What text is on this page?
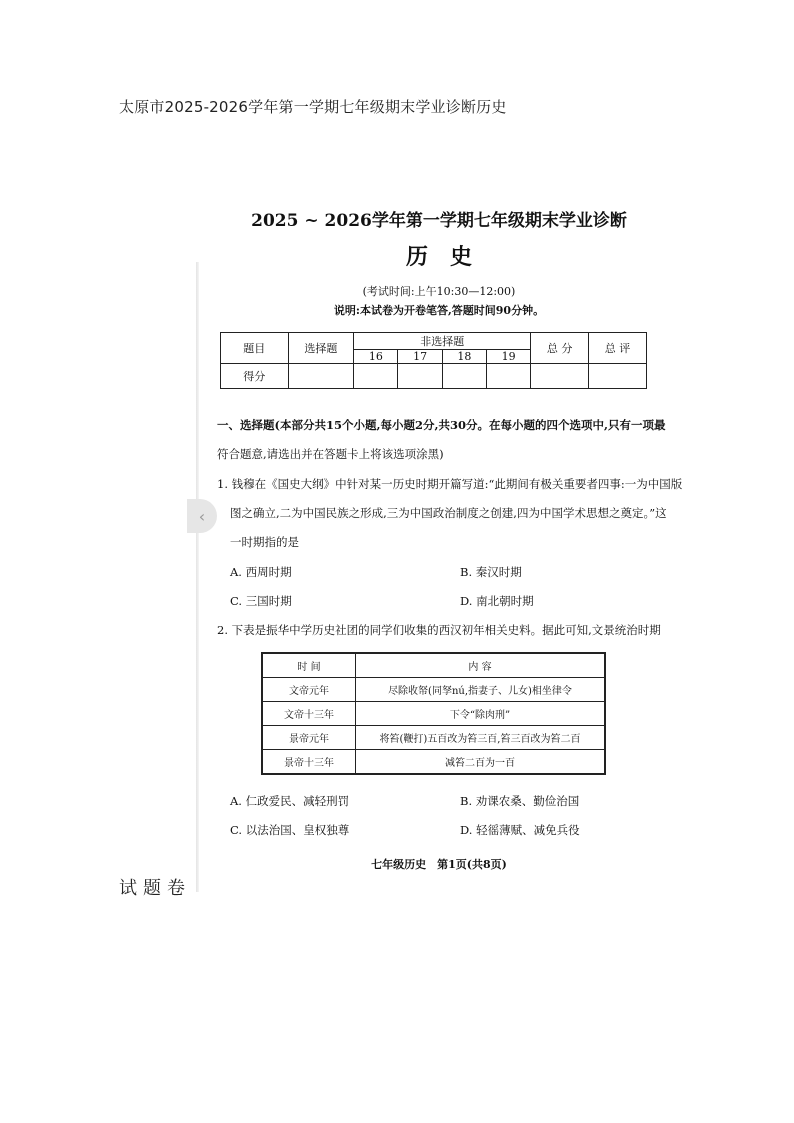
太原市2025-2026学年第一学期七年级期末学业诊断历史
2025 ~ 2026学年第一学期七年级期末学业诊断
历史
(考试时间:上午10:30—12:00)
说明:本试卷为开卷笔答,答题时间90分钟。
题目	选择题	非选择题				总 分	总 评
		16	17	18	19		
得分							
一、选择题(本部分共15个小题,每小题2分,共30分。在每小题的四个选项中,只有一项最
符合题意,请选出并在答题卡上将该选项涂黑)
1. 钱穆在《国史大纲》中针对某一历史时期开篇写道:“此期间有极关重要者四事:一为中国版
图之确立,二为中国民族之形成,三为中国政治制度之创建,四为中国学术思想之奠定。”这
一时期指的是
A. 西周时期	B. 秦汉时期
C. 三国时期	D. 南北朝时期
2. 下表是振华中学历史社团的同学们收集的西汉初年相关史料。据此可知,文景统治时期
时 间	内 容
文帝元年	尽除收帑(同孥nú,指妻子、儿女)相坐律令
文帝十三年	下令“除肉刑”
景帝元年	将笞(鞭打)五百改为笞三百,笞三百改为笞二百
景帝十三年	减笞二百为一百
A. 仁政爱民、减轻刑罚	B. 劝课农桑、勤俭治国
C. 以法治国、皇权独尊	D. 轻徭薄赋、减免兵役
七年级历史　第1页(共8页)
‹
试题卷
